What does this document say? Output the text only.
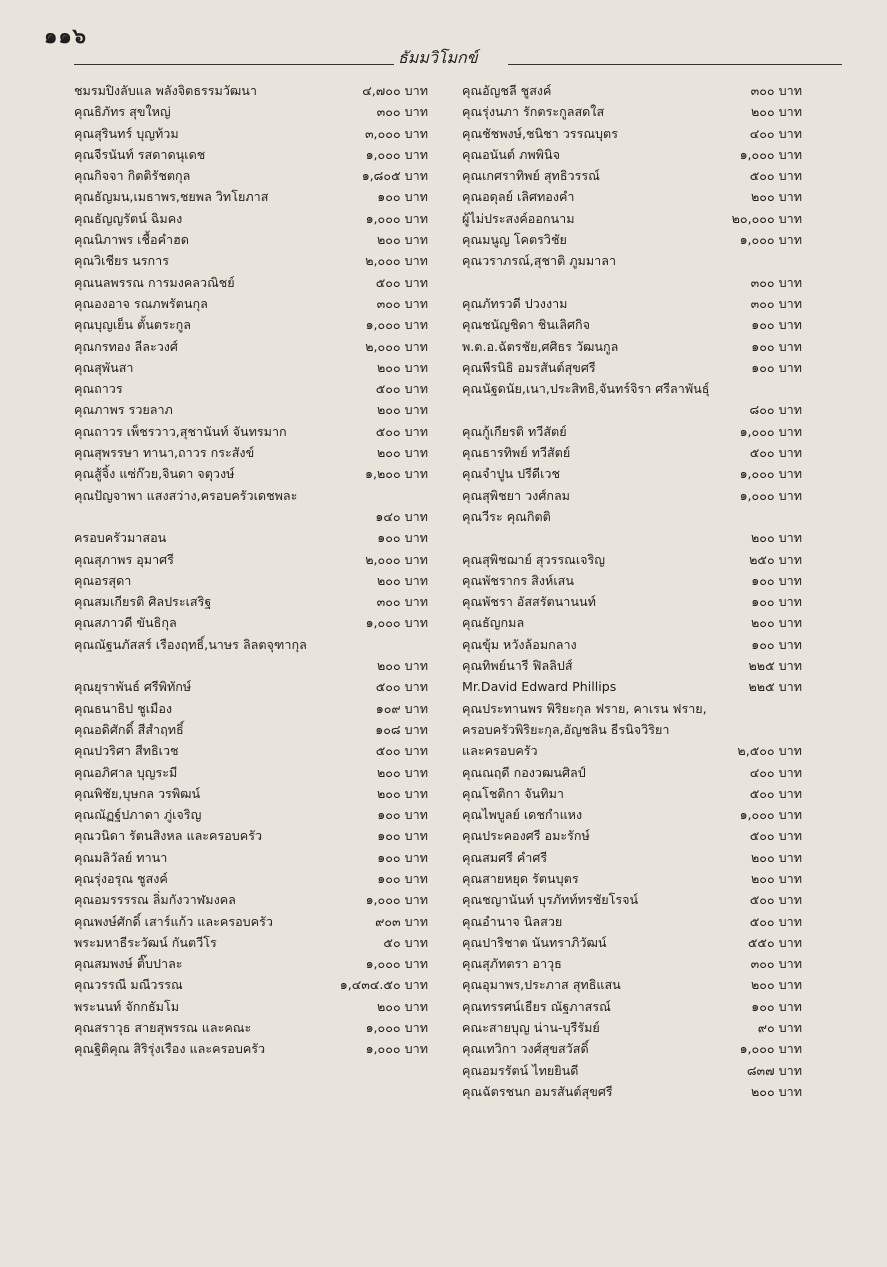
๑๑๖
ธัมมวิโมกข์
ชมรมปิงลับแล พลังจิตธรรมวัฒนา	๔,๗๐๐ บาท
คุณธิภัทร สุขใหญ่	๓๐๐ บาท
คุณสุรินทร์ บุญท้วม	๓,๐๐๐ บาท
คุณจีรนันท์ รสดาดนุเดช	๑,๐๐๐ บาท
คุณกิจจา กิตติรัชตกุล	๑,๘๐๕ บาท
คุณธัญมน,เมธาพร,ชยพล วิทโยภาส	๑๐๐ บาท
คุณธัญญรัตน์ ฉิมคง	๑,๐๐๐ บาท
คุณนิภาพร เชื้อคำฮด	๒๐๐ บาท
คุณวิเชียร นรการ	๒,๐๐๐ บาท
คุณนลพรรณ การมงคลวณิชย์	๕๐๐ บาท
คุณองอาจ รณภพรัตนกุล	๓๐๐ บาท
คุณบุญเย็น ตั้นตระกูล	๑,๐๐๐ บาท
คุณกรทอง ลีละวงศ์	๒,๐๐๐ บาท
คุณสุพันสา	๒๐๐ บาท
คุณถาวร	๕๐๐ บาท
คุณภาพร รวยลาภ	๒๐๐ บาท
คุณถาวร เพ็ชรวาว,สุชานันท์ จันทรมาก	๕๐๐ บาท
คุณสุพรรษา ทานา,ถาวร กระสังข์	๒๐๐ บาท
คุณสู้จิ้ง แซ่ก๊วย,จินดา จตุวงษ์	๑,๒๐๐ บาท
คุณปัญจาพา แสงสว่าง,ครอบครัวเดชพละ
๑๔๐ บาท
ครอบครัวมาสอน	๑๐๐ บาท
คุณสุภาพร อุมาศรี	๒,๐๐๐ บาท
คุณอรสุดา	๒๐๐ บาท
คุณสมเกียรติ ศิลประเสริฐ	๓๐๐ บาท
คุณสภาวดี ขันธิกุล	๑,๐๐๐ บาท
คุณณัฐนภัสสร์ เรืองฤทธิ์,นาษร ลิลตจุฑากุล
๒๐๐ บาท
คุณยุราพันธ์ ศรีพิทักษ์	๕๐๐ บาท
คุณธนาธิป ชูเมือง	๑๐๙ บาท
คุณอดิศักดิ์ สีสำฤทธิ์	๑๐๘ บาท
คุณปวริศา สีทธิเวช	๕๐๐ บาท
คุณอภิศาล บุญระมี	๒๐๐ บาท
คุณพิชัย,บุษกล วรพิฒน์	๒๐๐ บาท
คุณณัฏฐ์ปภาดา ภู่เจริญ	๑๐๐ บาท
คุณวนิดา รัตนสิงหล และครอบครัว	๑๐๐ บาท
คุณมลิวัลย์ ทานา	๑๐๐ บาท
คุณรุ่งอรุณ ชูสงค์	๑๐๐ บาท
คุณอมรรรรณ ลิ่มกังวาฬมงคล	๑,๐๐๐ บาท
คุณพงษ์ศักดิ์ เสาร์แก้ว และครอบครัว	๙๐๓ บาท
พระมหาธีระวัฒน์ กันตวีโร	๕๐ บาท
คุณสมพงษ์ ติ๊บปาละ	๑,๐๐๐ บาท
คุณวรรณี มณีวรรณ	๑,๔๓๔.๕๐ บาท
พระนนท์ จักกธัมโม	๒๐๐ บาท
คุณสราวุธ สายสุพรรณ และคณะ	๑,๐๐๐ บาท
คุณฐิติคุณ สิริรุ่งเรือง และครอบครัว	๑,๐๐๐ บาท
คุณอัญชลี ชูสงค์	๓๐๐ บาท
คุณรุ่งนภา รักตระกูลสดใส	๒๐๐ บาท
คุณชัชพงษ์,ชนิชา วรรณบุตร	๔๐๐ บาท
คุณอนันต์ ภพพินิจ	๑,๐๐๐ บาท
คุณเกศราทิพย์ สุทธิวรรณ์	๕๐๐ บาท
คุณอดุลย์ เลิศทองคำ	๒๐๐ บาท
ผู้ไม่ประสงค์ออกนาม	๒๐,๐๐๐ บาท
คุณมนูญ โคตรวิชัย	๑,๐๐๐ บาท
คุณวราภรณ์,สุชาติ ภูมมาลา
๓๐๐ บาท
คุณภัทรวดี ปวงงาม	๓๐๐ บาท
คุณชนัญชิดา ชินเลิศกิจ	๑๐๐ บาท
พ.ต.อ.ฉัตรชัย,ศศิธร วัฒนกูล	๑๐๐ บาท
คุณพีรนิธิ อมรสันต์สุขศรี	๑๐๐ บาท
คุณนัฐดนัย,เนา,ประสิทธิ,จันทร์จิรา ศรีลาพันธุ์
๘๐๐ บาท
คุณกู้เกียรติ ทวีสัตย์	๑,๐๐๐ บาท
คุณธารทิพย์ ทวีสัตย์	๕๐๐ บาท
คุณจำปูน ปรีดีเวช	๑,๐๐๐ บาท
คุณสุพิชยา วงศ์กลม	๑,๐๐๐ บาท
คุณวีระ คุณกิตติ
๒๐๐ บาท
คุณสุพิชฌาย์ สุวรรณเจริญ	๒๕๐ บาท
คุณพัชรากร สิงห์เสน	๑๐๐ บาท
คุณพัชรา อัสสรัตนานนท์	๑๐๐ บาท
คุณธัญกมล	๒๐๐ บาท
คุณขุ้ม หวังล้อมกลาง	๑๐๐ บาท
คุณทิพย์นารี ฟิลลิปส์	๒๒๕ บาท
Mr.David Edward Phillips	๒๒๕ บาท
คุณประทานพร พิริยะกุล ฟราย, คาเรน ฟราย,
ครอบครัวพิริยะกุล,อัญชลิน ธีรนิจวิริยา
และครอบครัว	๒,๕๐๐ บาท
คุณณฤดี กองวฒนศิลป์	๔๐๐ บาท
คุณโชติกา จันทิมา	๕๐๐ บาท
คุณไพบูลย์ เดชกำแหง	๑,๐๐๐ บาท
คุณประคองศรี อมะรักษ์	๕๐๐ บาท
คุณสมศรี คำศรี	๒๐๐ บาท
คุณสายหยุด รัตนบุตร	๒๐๐ บาท
คุณชญานันท์ บุรภัทท์ทรชัยโรจน์	๕๐๐ บาท
คุณอำนาจ นิลสวย	๕๐๐ บาท
คุณปาริชาต นันทราภิวัฒน์	๕๕๐ บาท
คุณสุภัทตรา อาวุธ	๓๐๐ บาท
คุณอุมาพร,ประภาส สุทธิแสน	๒๐๐ บาท
คุณทรรศน์เธียร ณัฐภาสรณ์	๑๐๐ บาท
คณะสายบุญ น่าน-บุรีรัมย์	๙๐ บาท
คุณเทวิกา วงศ์สุขสวัสดิ์	๑,๐๐๐ บาท
คุณอมรรัตน์ ไทยยินดี	๘๓๗ บาท
คุณฉัตรชนก อมรสันต์สุขศรี	๒๐๐ บาท
